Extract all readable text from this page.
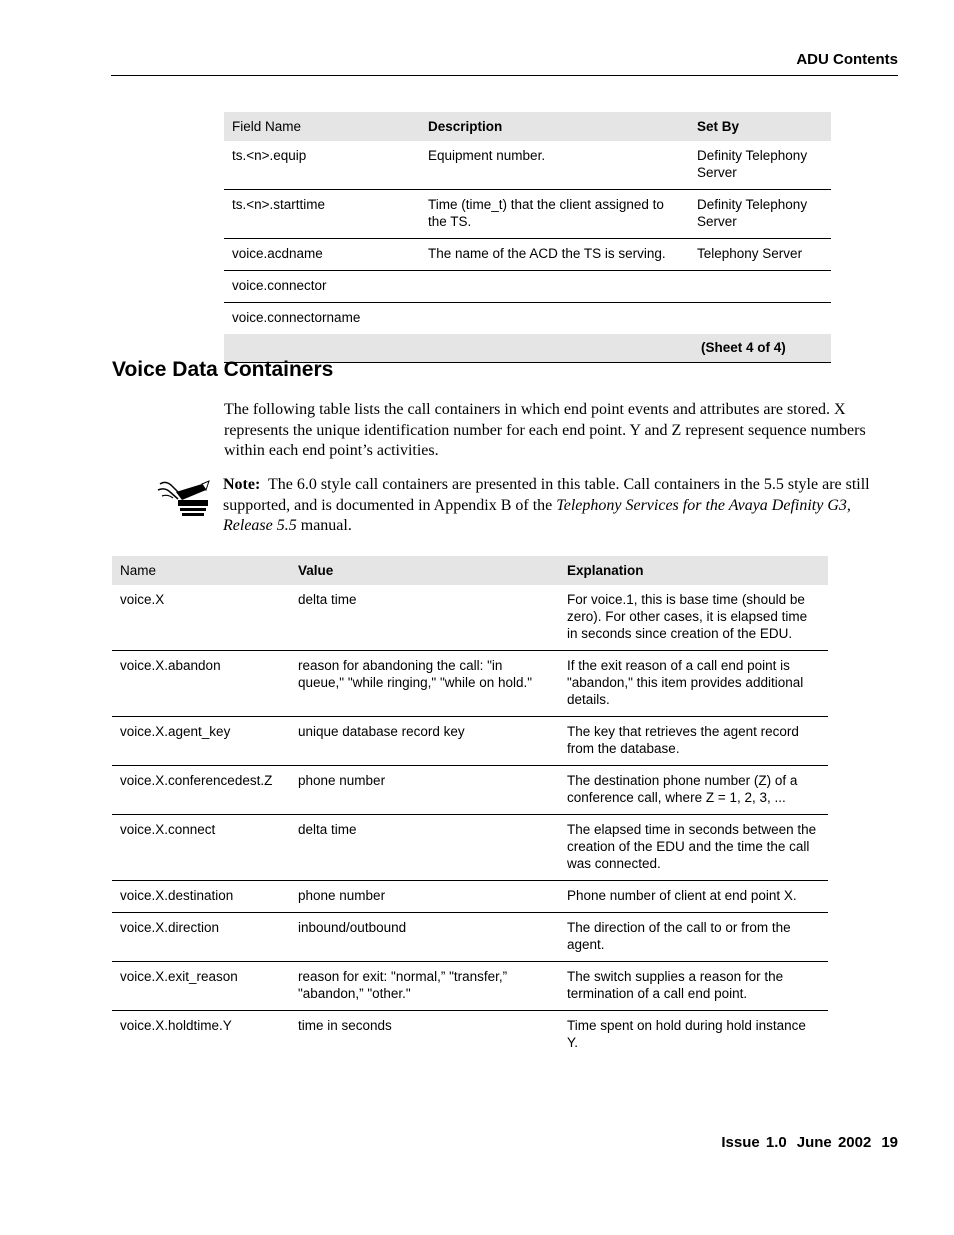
ADU Contents
Field Name	Description	Set By
ts.<n>.equip	Equipment number.	Definity Telephony Server
ts.<n>.starttime	Time (time_t) that the client assigned to the TS.	Definity Telephony Server
voice.acdname	The name of the ACD the TS is serving.	Telephony Server
voice.connector		
voice.connectorname		
		(Sheet 4 of 4)
Voice Data Containers

The following table lists the call containers in which end point events and attributes are stored. X represents the unique identification number for each end point. Y and Z represent sequence numbers within each end point’s activities.

Note: The 6.0 style call containers are presented in this table. Call containers in the 5.5 style are still supported, and is documented in Appendix B of the Telephony Services for the Avaya Definity G3, Release 5.5 manual.

Name	Value	Explanation
voice.X	delta time	For voice.1, this is base time (should be zero). For other cases, it is elapsed time in seconds since creation of the EDU.
voice.X.abandon	reason for abandoning the call: "in queue," "while ringing," "while on hold."	If the exit reason of a call end point is "abandon," this item provides additional details.
voice.X.agent_key	unique database record key	The key that retrieves the agent record from the database.
voice.X.conferencedest.Z	phone number	The destination phone number (Z) of a conference call, where Z = 1, 2, 3, ...
voice.X.connect	delta time	The elapsed time in seconds between the creation of the EDU and the time the call was connected.
voice.X.destination	phone number	Phone number of client at end point X.
voice.X.direction	inbound/outbound	The direction of the call to or from the agent.
voice.X.exit_reason	reason for exit: "normal,” "transfer,” "abandon,” "other."	The switch supplies a reason for the termination of a call end point.
voice.X.holdtime.Y	time in seconds	Time spent on hold during hold instance Y.
Issue 1.0 June 2002 19
